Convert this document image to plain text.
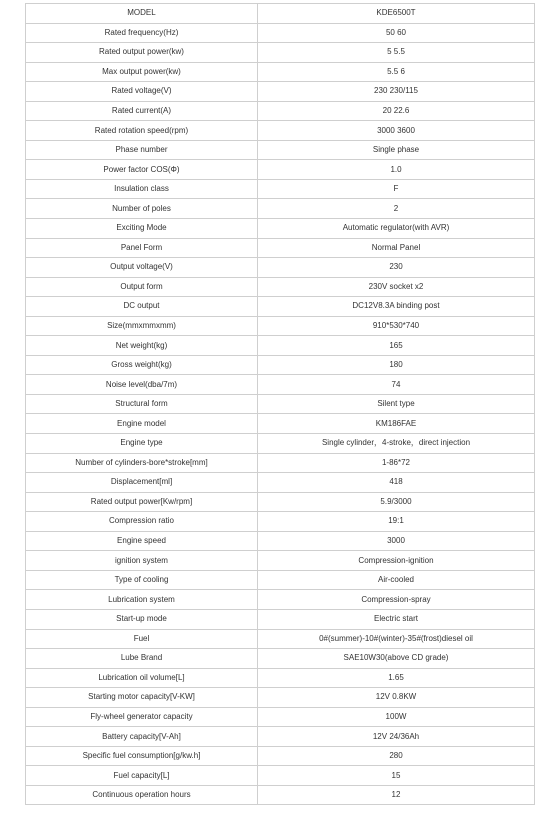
MODEL	KDE6500T
Rated frequency(Hz)	50 60
Rated output power(kw)	5 5.5
Max output power(kw)	5.5 6
Rated voltage(V)	230 230/115
Rated current(A)	20 22.6
Rated rotation speed(rpm)	3000 3600
Phase number	Single phase
Power factor COS(Φ)	1.0
Insulation class	F
Number of poles	2
Exciting Mode	Automatic regulator(with AVR)
Panel Form	Normal Panel
Output voltage(V)	230
Output form	230V socket x2
DC output	DC12V8.3A binding post
Size(mmxmmxmm)	910*530*740
Net weight(kg)	165
Gross weight(kg)	180
Noise level(dba/7m)	74
Structural form	Silent type
Engine model	KM186FAE
Engine type	Single cylinder，4-stroke，direct injection
Number of cylinders-bore*stroke[mm]	1-86*72
Displacement[ml]	418
Rated output power[Kw/rpm]	5.9/3000
Compression ratio	19:1
Engine speed	3000
ignition system	Compression-ignition
Type of cooling	Air-cooled
Lubrication system	Compression-spray
Start-up mode	Electric start
Fuel	0#(summer)-10#(winter)-35#(frost)diesel oil
Lube Brand	SAE10W30(above CD grade)
Lubrication oil volume[L]	1.65
Starting motor capacity[V-KW]	12V 0.8KW
Fly-wheel generator capacity	100W
Battery capacity[V-Ah]	12V 24/36Ah
Specific fuel consumption[g/kw.h]	280
Fuel capacity[L]	15
Continuous operation hours	12
